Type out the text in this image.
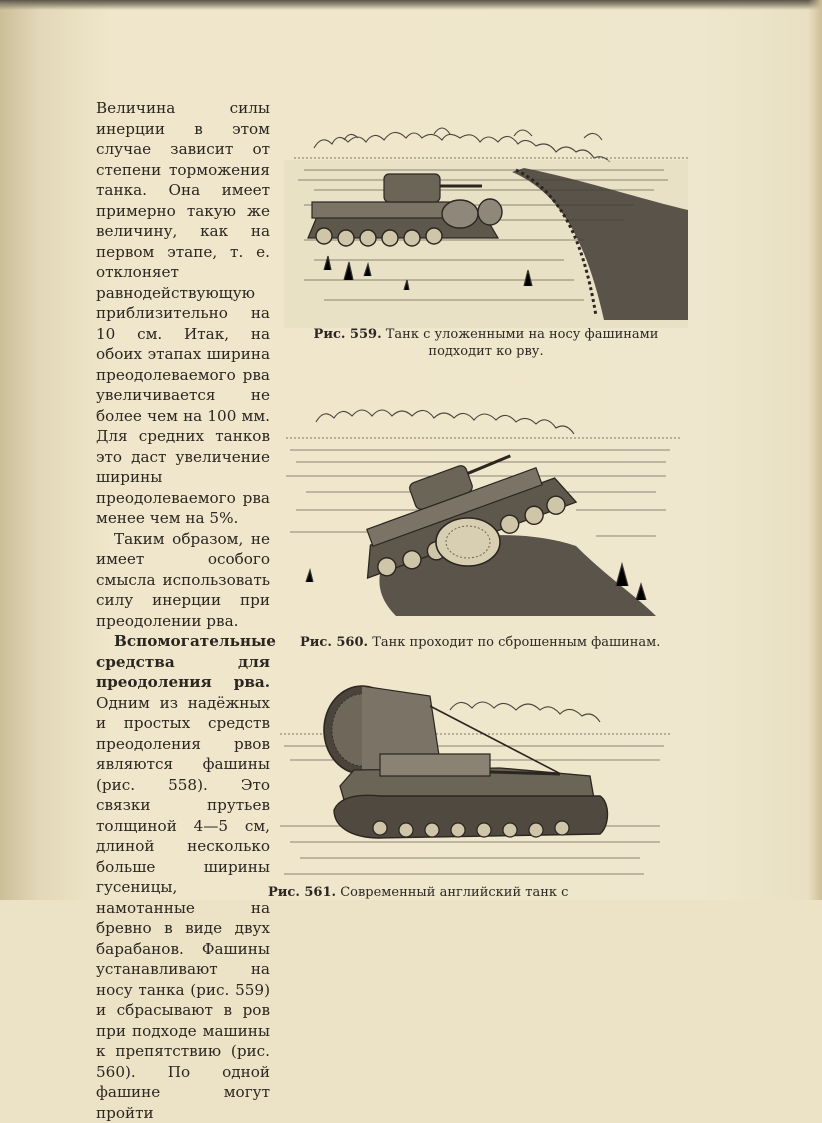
Величина силы инерции в этом случае зависит от степени торможения танка. Она имеет примерно такую же величину, как на первом этапе, т. е. отклоняет равнодействующую приблизительно на 10 см. Итак, на обоих этапах ширина преодолеваемого рва увеличивается не более чем на 100 мм. Для средних танков это даст увеличение ширины преодолеваемого рва менее чем на 5%.

Таким образом, не имеет особого смысла использовать силу инерции при преодолении рва.

Вспомогательные средства для преодоления рва. Одним из надёжных и простых средств преодоления рвов являются фашины (рис. 558). Это связки прутьев толщиной 4—5 см, длиной несколько больше ширины гусеницы, намотанные на бревно в виде двух барабанов. Фашины устанавливают на носу танка (рис. 559) и сбрасывают в ров при подходе машины к препятствию (рис. 560). По одной фашине могут пройти

Рис. 559. Танк с уложенными на носу фашинами подходит ко рву.

Рис. 560. Танк проходит по сброшенным фашинам.

Рис. 561. Современный английский танк с
